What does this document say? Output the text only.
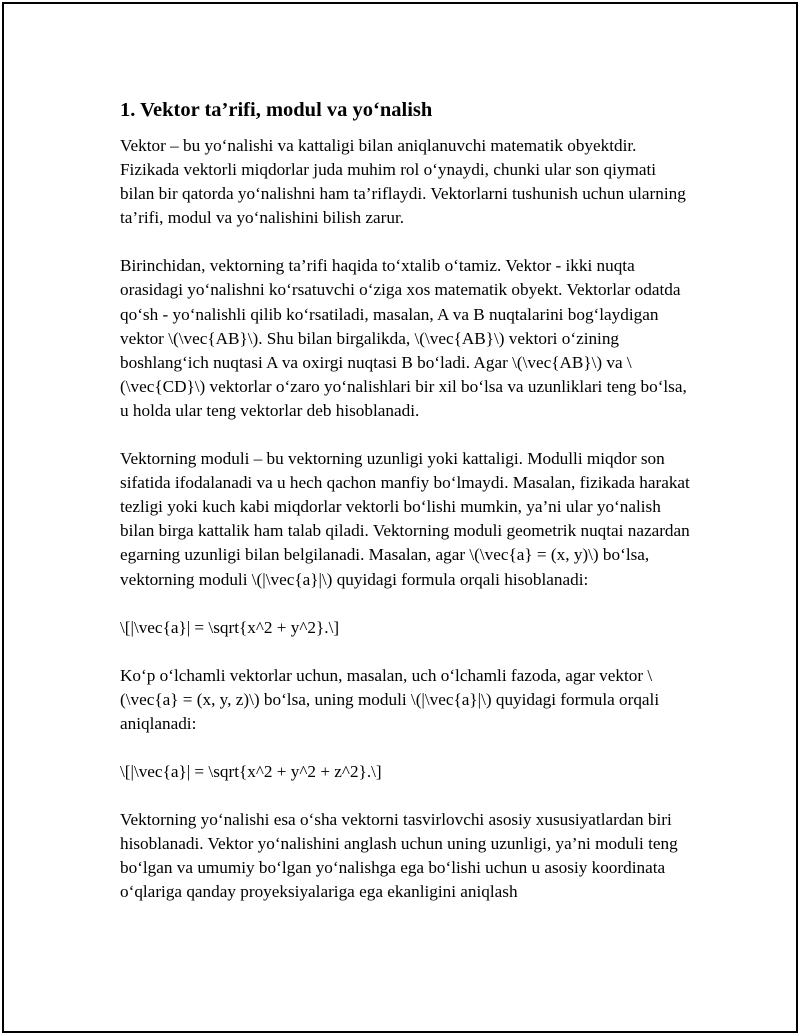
1. Vektor ta’rifi, modul va yo‘nalish

Vektor – bu yo‘nalishi va kattaligi bilan aniqlanuvchi matematik obyektdir. Fizikada vektorli miqdorlar juda muhim rol o‘ynaydi, chunki ular son qiymati bilan bir qatorda yo‘nalishni ham ta’riflaydi. Vektorlarni tushunish uchun ularning ta’rifi, modul va yo‘nalishini bilish zarur.

Birinchidan, vektorning ta’rifi haqida to‘xtalib o‘tamiz. Vektor - ikki nuqta orasidagi yo‘nalishni ko‘rsatuvchi o‘ziga xos matematik obyekt. Vektorlar odatda qo‘sh - yo‘nalishli qilib ko‘rsatiladi, masalan, A va B nuqtalarini bog‘laydigan vektor \(\vec{AB}\). Shu bilan birgalikda, \(\vec{AB}\) vektori o‘zining boshlang‘ich nuqtasi A va oxirgi nuqtasi B bo‘ladi. Agar \(\vec{AB}\) va \(\vec{CD}\) vektorlar o‘zaro yo‘nalishlari bir xil bo‘lsa va uzunliklari teng bo‘lsa, u holda ular teng vektorlar deb hisoblanadi.

Vektorning moduli – bu vektorning uzunligi yoki kattaligi. Modulli miqdor son sifatida ifodalanadi va u hech qachon manfiy bo‘lmaydi. Masalan, fizikada harakat tezligi yoki kuch kabi miqdorlar vektorli bo‘lishi mumkin, ya’ni ular yo‘nalish bilan birga kattalik ham talab qiladi. Vektorning moduli geometrik nuqtai nazardan egarning uzunligi bilan belgilanadi. Masalan, agar \(\vec{a} = (x, y)\) bo‘lsa, vektorning moduli \(|\vec{a}|\) quyidagi formula orqali hisoblanadi:

\[|\vec{a}| = \sqrt{x^2 + y^2}.\]

Ko‘p o‘lchamli vektorlar uchun, masalan, uch o‘lchamli fazoda, agar vektor \(\vec{a} = (x, y, z)\) bo‘lsa, uning moduli \(|\vec{a}|\) quyidagi formula orqali aniqlanadi:

\[|\vec{a}| = \sqrt{x^2 + y^2 + z^2}.\]

Vektorning yo‘nalishi esa o‘sha vektorni tasvirlovchi asosiy xususiyatlardan biri hisoblanadi. Vektor yo‘nalishini anglash uchun uning uzunligi, ya’ni moduli teng bo‘lgan va umumiy bo‘lgan yo‘nalishga ega bo‘lishi uchun u asosiy koordinata o‘qlariga qanday proyeksiyalariga ega ekanligini aniqlash
